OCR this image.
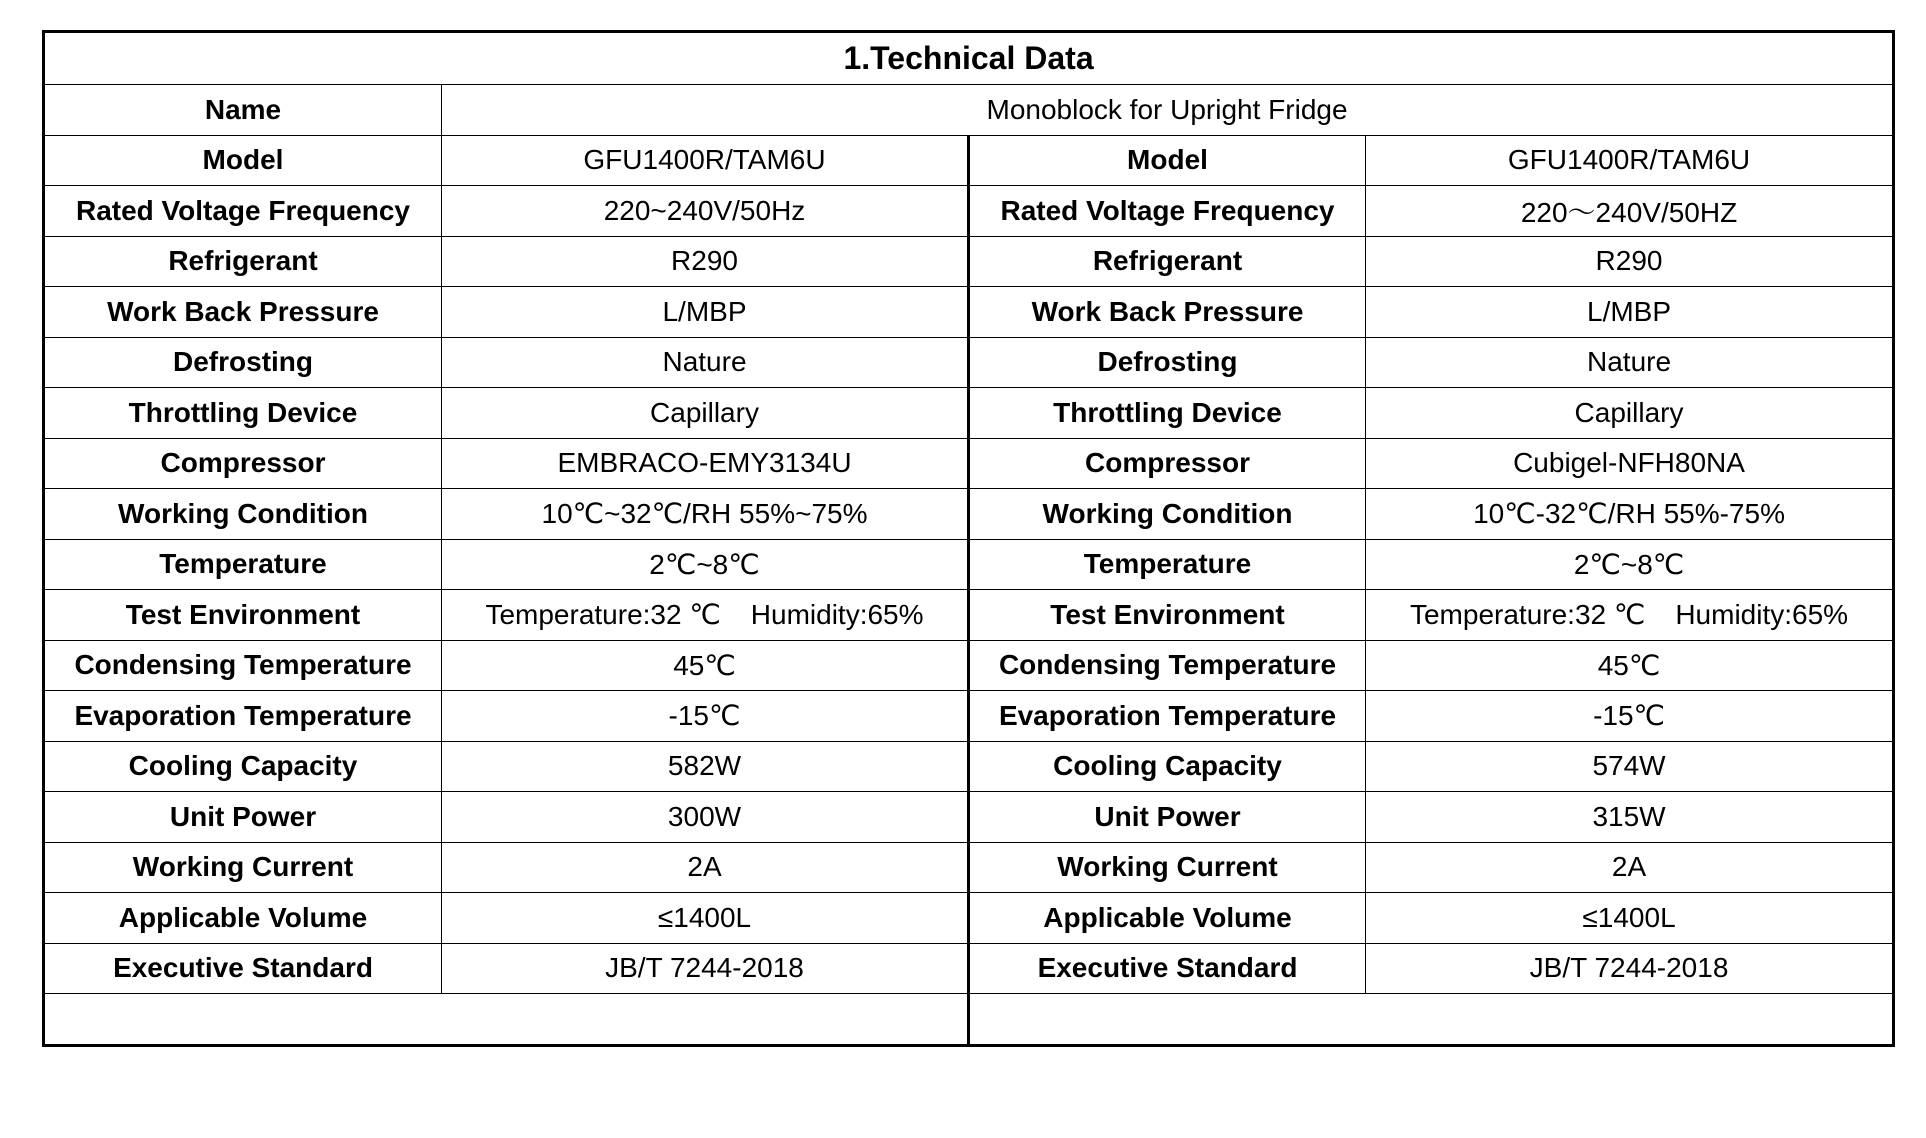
1.Technical Data			
Name	Monoblock for Upright Fridge		
Model	GFU1400R/TAM6U	Model	GFU1400R/TAM6U
Rated Voltage Frequency	220~240V/50Hz	Rated Voltage Frequency	220～240V/50HZ
Refrigerant	R290	Refrigerant	R290
Work Back Pressure	L/MBP	Work Back Pressure	L/MBP
Defrosting	Nature	Defrosting	Nature
Throttling Device	Capillary	Throttling Device	Capillary
Compressor	EMBRACO-EMY3134U	Compressor	Cubigel-NFH80NA
Working Condition	10℃~32℃/RH 55%~75%	Working Condition	10℃-32℃/RH 55%-75%
Temperature	2℃~8℃	Temperature	2℃~8℃
Test Environment	Temperature:32 ℃ Humidity:65%	Test Environment	Temperature:32 ℃ Humidity:65%
Condensing Temperature	45℃	Condensing Temperature	45℃
Evaporation Temperature	-15℃	Evaporation Temperature	-15℃
Cooling Capacity	582W	Cooling Capacity	574W
Unit Power	300W	Unit Power	315W
Working Current	2A	Working Current	2A
Applicable Volume	≤1400L	Applicable Volume	≤1400L
Executive Standard	JB/T 7244-2018	Executive Standard	JB/T 7244-2018
